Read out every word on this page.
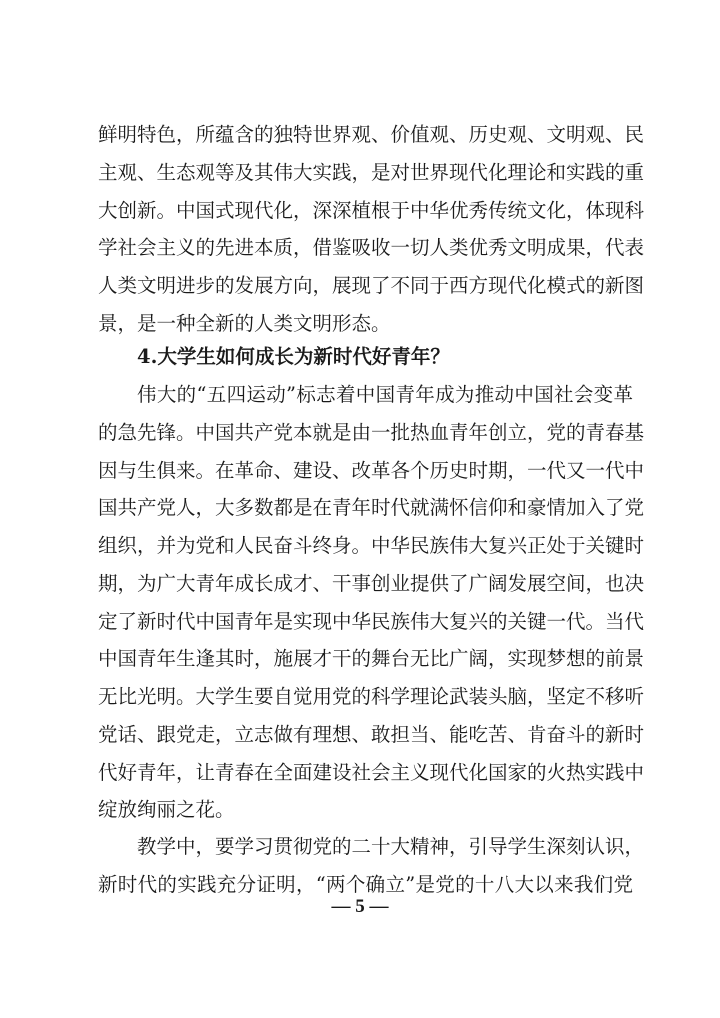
鲜明特色，所蕴含的独特世界观、价值观、历史观、文明观、民
主观、生态观等及其伟大实践，是对世界现代化理论和实践的重
大创新。中国式现代化，深深植根于中华优秀传统文化，体现科
学社会主义的先进本质，借鉴吸收一切人类优秀文明成果，代表
人类文明进步的发展方向，展现了不同于西方现代化模式的新图
景，是一种全新的人类文明形态。
4.大学生如何成长为新时代好青年？
伟大的“五四运动”标志着中国青年成为推动中国社会变革
的急先锋。中国共产党本就是由一批热血青年创立，党的青春基
因与生俱来。在革命、建设、改革各个历史时期，一代又一代中
国共产党人，大多数都是在青年时代就满怀信仰和豪情加入了党
组织，并为党和人民奋斗终身。中华民族伟大复兴正处于关键时
期，为广大青年成长成才、干事创业提供了广阔发展空间，也决
定了新时代中国青年是实现中华民族伟大复兴的关键一代。当代
中国青年生逢其时，施展才干的舞台无比广阔，实现梦想的前景
无比光明。大学生要自觉用党的科学理论武装头脑，坚定不移听
党话、跟党走，立志做有理想、敢担当、能吃苦、肯奋斗的新时
代好青年，让青春在全面建设社会主义现代化国家的火热实践中
绽放绚丽之花。
教学中，要学习贯彻党的二十大精神，引导学生深刻认识，
新时代的实践充分证明，“两个确立”是党的十八大以来我们党
— 5 —
